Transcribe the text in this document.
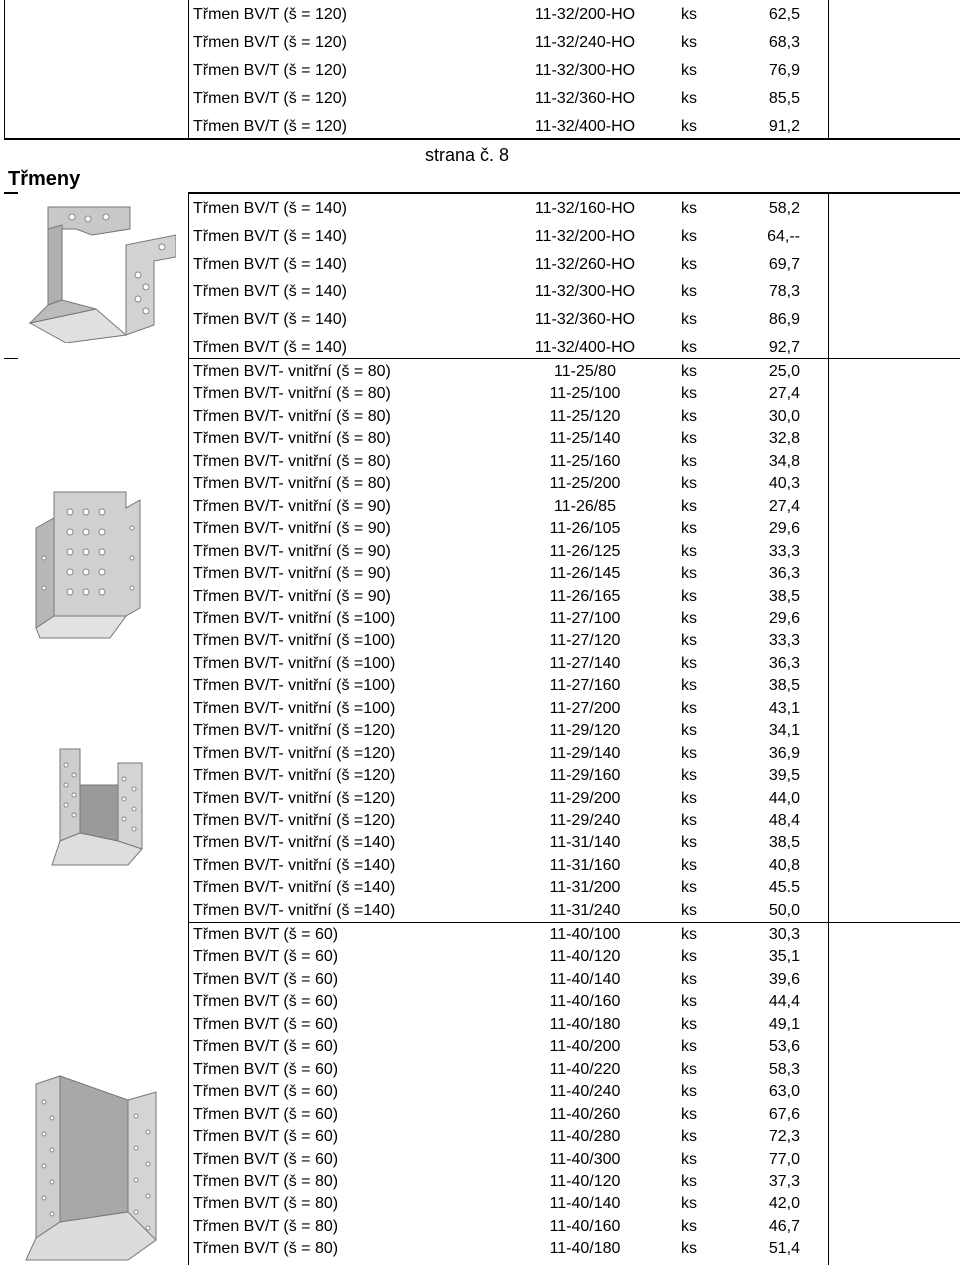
strana č. 8
Třmeny
Třmen BV/T (š = 120)	11-32/200-HO	ks	62,5
Třmen BV/T (š = 120)	11-32/240-HO	ks	68,3
Třmen BV/T (š = 120)	11-32/300-HO	ks	76,9
Třmen BV/T (š = 120)	11-32/360-HO	ks	85,5
Třmen BV/T (š = 120)	11-32/400-HO	ks	91,2
Třmen BV/T (š = 140)	11-32/160-HO	ks	58,2
Třmen BV/T (š = 140)	11-32/200-HO	ks	64,--
Třmen BV/T (š = 140)	11-32/260-HO	ks	69,7
Třmen BV/T (š = 140)	11-32/300-HO	ks	78,3
Třmen BV/T (š = 140)	11-32/360-HO	ks	86,9
Třmen BV/T (š = 140)	11-32/400-HO	ks	92,7
Třmen BV/T- vnitřní (š = 80)	11-25/80	ks	25,0
Třmen BV/T- vnitřní (š = 80)	11-25/100	ks	27,4
Třmen BV/T- vnitřní (š = 80)	11-25/120	ks	30,0
Třmen BV/T- vnitřní (š = 80)	11-25/140	ks	32,8
Třmen BV/T- vnitřní (š = 80)	11-25/160	ks	34,8
Třmen BV/T- vnitřní (š = 80)	11-25/200	ks	40,3
Třmen BV/T- vnitřní (š = 90)	11-26/85	ks	27,4
Třmen BV/T- vnitřní (š = 90)	11-26/105	ks	29,6
Třmen BV/T- vnitřní (š = 90)	11-26/125	ks	33,3
Třmen BV/T- vnitřní (š = 90)	11-26/145	ks	36,3
Třmen BV/T- vnitřní (š = 90)	11-26/165	ks	38,5
Třmen BV/T- vnitřní (š =100)	11-27/100	ks	29,6
Třmen BV/T- vnitřní (š =100)	11-27/120	ks	33,3
Třmen BV/T- vnitřní (š =100)	11-27/140	ks	36,3
Třmen BV/T- vnitřní (š =100)	11-27/160	ks	38,5
Třmen BV/T- vnitřní (š =100)	11-27/200	ks	43,1
Třmen BV/T- vnitřní (š =120)	11-29/120	ks	34,1
Třmen BV/T- vnitřní (š =120)	11-29/140	ks	36,9
Třmen BV/T- vnitřní (š =120)	11-29/160	ks	39,5
Třmen BV/T- vnitřní (š =120)	11-29/200	ks	44,0
Třmen BV/T- vnitřní (š =120)	11-29/240	ks	48,4
Třmen BV/T- vnitřní (š =140)	11-31/140	ks	38,5
Třmen BV/T- vnitřní (š =140)	11-31/160	ks	40,8
Třmen BV/T- vnitřní (š =140)	11-31/200	ks	45.5
Třmen BV/T- vnitřní (š =140)	11-31/240	ks	50,0
Třmen BV/T (š = 60)	11-40/100	ks	30,3
Třmen BV/T (š = 60)	11-40/120	ks	35,1
Třmen BV/T (š = 60)	11-40/140	ks	39,6
Třmen BV/T (š = 60)	11-40/160	ks	44,4
Třmen BV/T (š = 60)	11-40/180	ks	49,1
Třmen BV/T (š = 60)	11-40/200	ks	53,6
Třmen BV/T (š = 60)	11-40/220	ks	58,3
Třmen BV/T (š = 60)	11-40/240	ks	63,0
Třmen BV/T (š = 60)	11-40/260	ks	67,6
Třmen BV/T (š = 60)	11-40/280	ks	72,3
Třmen BV/T (š = 60)	11-40/300	ks	77,0
Třmen BV/T (š = 80)	11-40/120	ks	37,3
Třmen BV/T (š = 80)	11-40/140	ks	42,0
Třmen BV/T (š = 80)	11-40/160	ks	46,7
Třmen BV/T (š = 80)	11-40/180	ks	51,4
